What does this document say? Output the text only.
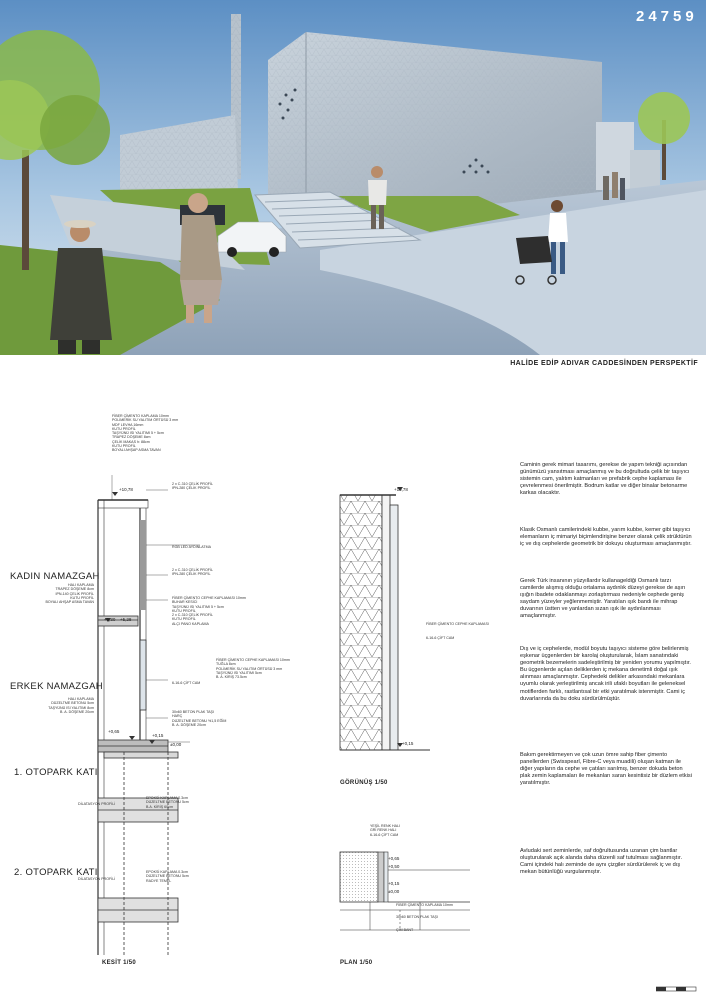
24759
HALİDE EDİP ADIVAR CADDESİNDEN PERSPEKTİF
FİBER ÇİMENTO KAPLAMA 10mm
POLİMERİK SU YALITIM ÖRTÜSÜ 3 mm
MDF LEVHA 16mm
KUTU PROFİL
TAŞYÜNÜ ISI YALITIMI 5 + 5cm
TRAPEZ DÖŞEME 8cm
ÇELİK MAKAS h: 88cm
KUTU PROFİL
BOYALI AHŞAP ASMA TAVAN
+10,78
2 x C-310 ÇELİK PROFİL
IPN-280 ÇELİK PROFİL
RGB LED AYDINLATMA
2 x C-310 ÇELİK PROFİL
IPN-280 ÇELİK PROFİL
KADIN NAMAZGAH
HALI KAPLAMA
TRAPEZ DÖŞEME 8cm
IPN-140 ÇELİK PROFİL
KUTU PROFİL
BOYALI AHŞAP ASMA TAVAN
FİBER ÇİMENTO CEPHE KAPLAMASI 10mm
BUHAR KESİCİ
TAŞYÜNÜ ISI YALITIMI 5 + 5cm
KUTU PROFİL
2 x C-310 ÇELİK PROFİL
KUTU PROFİL
ALÇI PANO KAPLAMA
+5,30 +5,28
FİBER ÇİMENTO CEPHE KAPLAMASI 10mm
TUĞLA 8cm
POLİMERİK SU YALITIM ÖRTÜSÜ 3 mm
TAŞYÜNÜ ISI YALITIMI 5cm
B. A. KİRİŞ 73.5cm
6-16-6 ÇİFT CAM
ERKEK NAMAZGAH
HALI KAPLAMA
DÜZELTME BETONU 5cm
TAŞYÜNÜ ISI YALITIMI 8cm
B. A. DÖŞEME 20cm	30x60 BETON PLAK TAŞI
HARÇ
DÜZELTME BETONU %1,5 EĞİM
B. A. DÖŞEME 20cm
+0,65
+0,15
±0,00
1. OTOPARK KATI
DİLATASYON PROFİLİ
EPOKSİ KAPLAMA 0.3cm
DÜZELTME BETONU 5cm
B.A. KİRİŞ 60cm
2. OTOPARK KATI
DİLATASYON PROFİLİ
EPOKSİ KAPLAMA 0.3cm
DÜZELTME BETONU 5cm
RADYE TEMEL
KESİT 1/50
+10,78
FİBER ÇİMENTO CEPHE KAPLAMASI
6-16-6 ÇİFT CAM
+0,15
GÖRÜNÜŞ 1/50
YEŞİL RENK HALI
GRİ RENK HALI
6-16-6 ÇİFT CAM
+0,65
+0,50
+0,15
±0,00
FİBER ÇİMENTO KAPLAMA 10mm
30x60 BETON PLAK TAŞI
ÇİM BANT
PLAN 1/50
Caminin gerek mimari tasarımı, gerekse de yapım tekniği açısından günümüzü yansıtması amaçlanmış ve bu doğrultuda çelik bir taşıyıcı sistemin cam, yalıtım katmanları ve prefabrik cephe kaplaması ile çevrelenmesi önerilmiştir. Bodrum katlar ve diğer binalar betonarme karkas olacaktır.
Klasik Osmanlı camilerindeki kubbe, yarım kubbe, kemer gibi taşıyıcı elemanların iç mimariyi biçimlendirişine benzer olarak çelik strüktürün iç ve dış cephelerde geometrik bir dokuyu oluşturması amaçlanmıştır.
Gerek Türk insanının yüzyıllardır kullanageldiği Osmanlı tarzı camilerde alışmış olduğu ortalama aydınlık düzeyi gerekse de aşırı ışığın ibadete odaklanmayı zorlaştırması nedeniyle cephede geniş saydam yüzeyler yeğlenmemiştir. Yaratılan ışık bandı ile mihrap duvarının üstten ve yanlardan sızan ışık ile aydınlanması amaçlanmıştır.
Dış ve iç cephelerde, modül boyutu taşıyıcı sisteme göre belirlenmiş eşkenar üçgenlerden bir karolaj oluşturularak, İslam sanatındaki geometrik bezemelerin sadeleştirilmiş bir yeniden yorumu yapılmıştır. Bu üçgenlerde açılan deliklerden iç mekana denetimli doğal ışık alınması amaçlanmıştır. Cephedeki delikler arkasındaki mekanlara uyumlu olarak yerleştirilmiş ancak irili ufaklı boyutları ile geleneksel motiflerden farklı, rastlantısal bir etki yaratılmak istenmiştir. Cami iç duvarlarında da bu doku sürdürülmüştür.
Bakım gerektirmeyen ve çok uzun ömre sahip fiber çimento panellerden (Swisspearl, Fibre-C veya muadili) oluşan katman ile diğer yapıların da cephe ve çatıları sarılmış, benzer dokuda beton plak zemin kaplamaları ile mekanları saran kesintisiz bir düzlem etkisi yaratılmıştır.
Avludaki sert zeminlerde, saf doğrultusunda uzanan çim bantlar oluşturularak açık alanda daha düzenli saf tutulması sağlanmıştır. Cami içindeki halı zeminde de aynı çizgiler sürdürülerek iç ve dış mekan bütünlüğü vurgulanmıştır.
